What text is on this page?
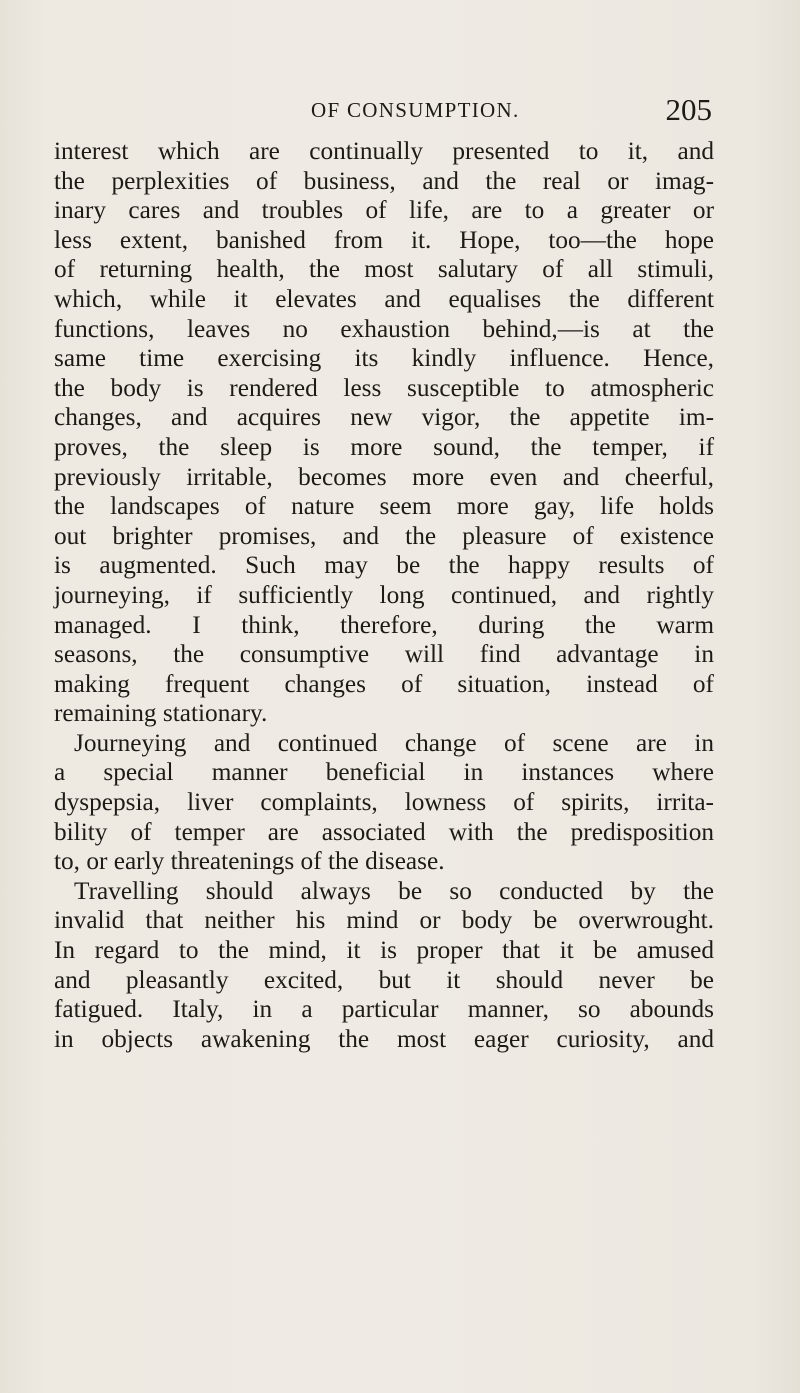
OF CONSUMPTION.	205
interest which are continually presented to it, and
the perplexities of business, and the real or imag-
inary cares and troubles of life, are to a greater or
less extent, banished from it. Hope, too—the hope
of returning health, the most salutary of all stimuli,
which, while it elevates and equalises the different
functions, leaves no exhaustion behind,—is at the
same time exercising its kindly influence. Hence,
the body is rendered less susceptible to atmospheric
changes, and acquires new vigor, the appetite im-
proves, the sleep is more sound, the temper, if
previously irritable, becomes more even and cheerful,
the landscapes of nature seem more gay, life holds
out brighter promises, and the pleasure of existence
is augmented. Such may be the happy results of
journeying, if sufficiently long continued, and rightly
managed. I think, therefore, during the warm
seasons, the consumptive will find advantage in
making frequent changes of situation, instead of
remaining stationary.
Journeying and continued change of scene are in
a special manner beneficial in instances where
dyspepsia, liver complaints, lowness of spirits, irrita-
bility of temper are associated with the predisposition
to, or early threatenings of the disease.
Travelling should always be so conducted by the
invalid that neither his mind or body be overwrought.
In regard to the mind, it is proper that it be amused
and pleasantly excited, but it should never be
fatigued. Italy, in a particular manner, so abounds
in objects awakening the most eager curiosity, and
